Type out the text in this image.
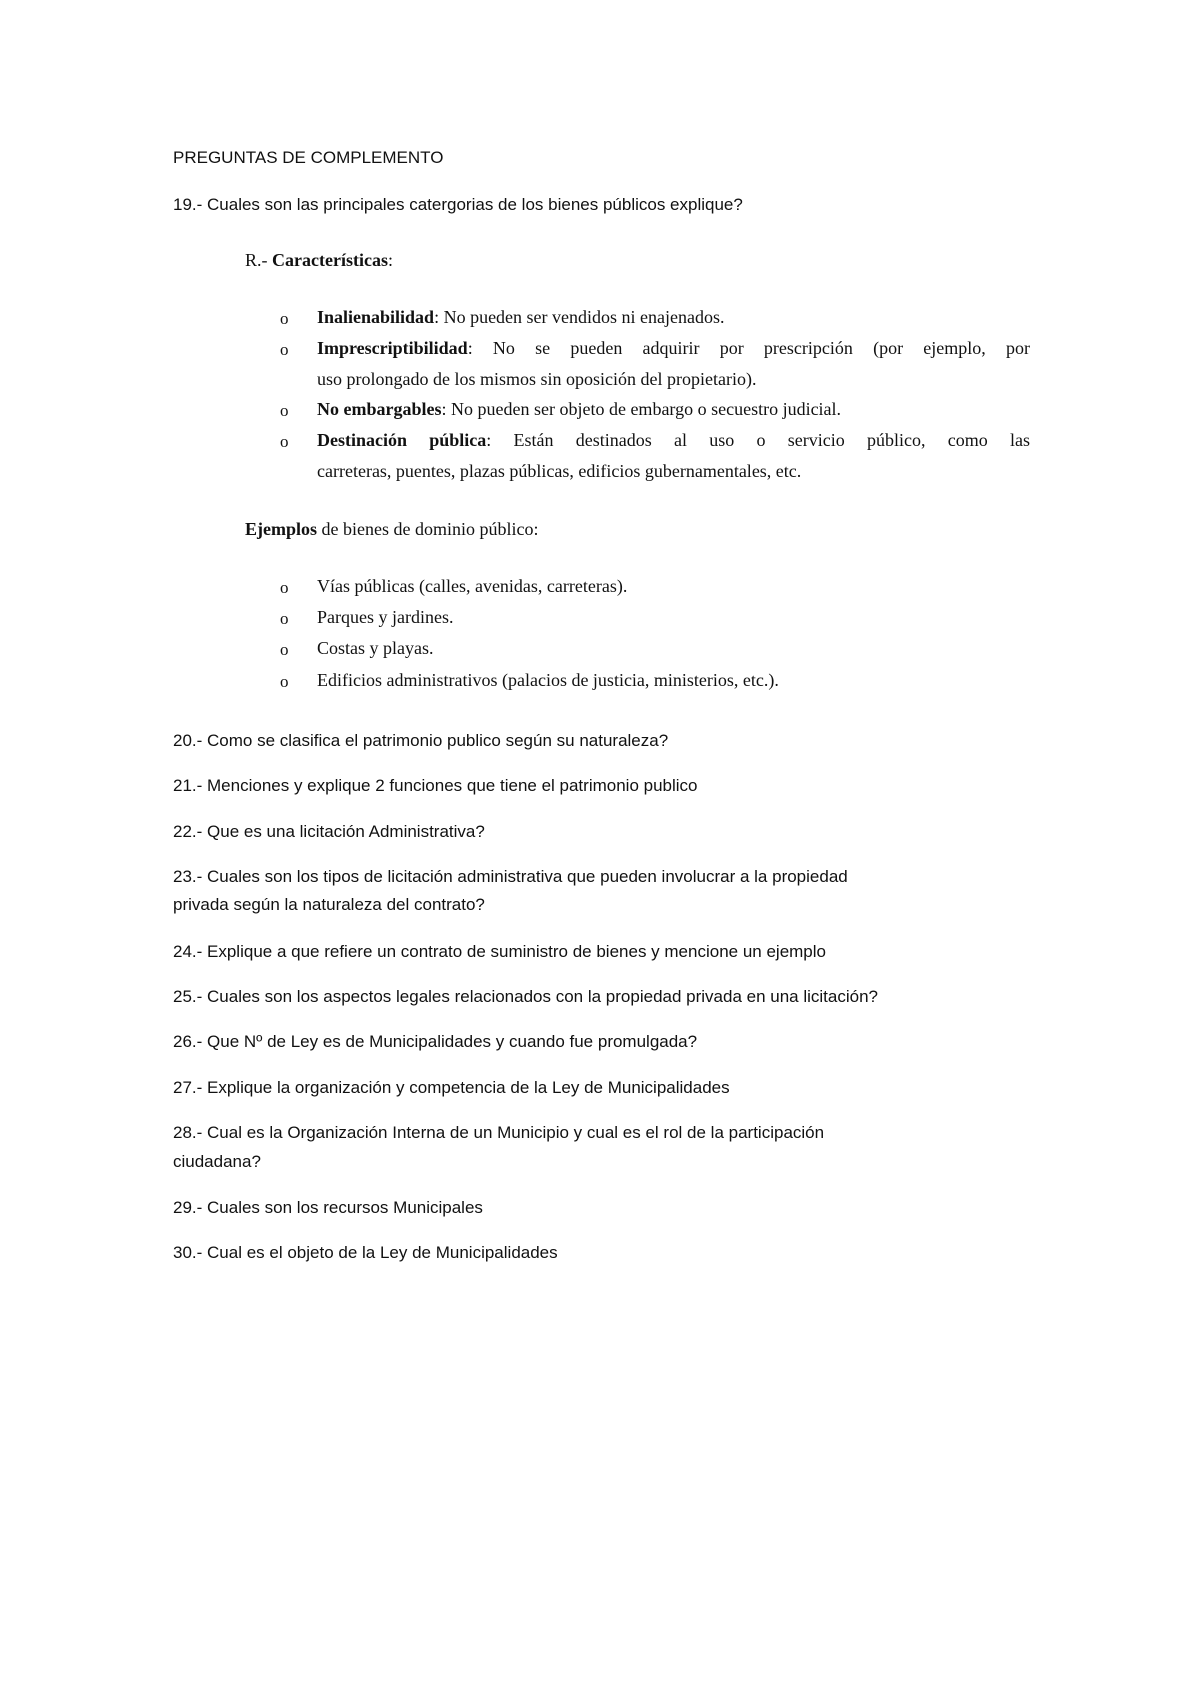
PREGUNTAS DE COMPLEMENTO
19.- Cuales son las principales catergorias de los bienes públicos explique?
R.- Características:
o Inalienabilidad: No pueden ser vendidos ni enajenados.
o Imprescriptibilidad: No se pueden adquirir por prescripción (por ejemplo, por
uso prolongado de los mismos sin oposición del propietario).
o No embargables: No pueden ser objeto de embargo o secuestro judicial.
o Destinación pública: Están destinados al uso o servicio público, como las
carreteras, puentes, plazas públicas, edificios gubernamentales, etc.
Ejemplos de bienes de dominio público:
o Vías públicas (calles, avenidas, carreteras).
o Parques y jardines.
o Costas y playas.
o Edificios administrativos (palacios de justicia, ministerios, etc.).
20.- Como se clasifica el patrimonio publico según su naturaleza?
21.- Menciones y explique 2 funciones que tiene el patrimonio publico
22.- Que es una licitación Administrativa?
23.- Cuales son los tipos de licitación administrativa que pueden involucrar a la propiedad
privada según la naturaleza del contrato?
24.- Explique a que refiere un contrato de suministro de bienes y mencione un ejemplo
25.- Cuales son los aspectos legales relacionados con la propiedad privada en una licitación?
26.- Que Nº de Ley es de Municipalidades y cuando fue promulgada?
27.- Explique la organización y competencia de la Ley de Municipalidades
28.- Cual es la Organización Interna de un Municipio y cual es el rol de la participación
ciudadana?
29.- Cuales son los recursos Municipales
30.- Cual es el objeto de la Ley de Municipalidades
